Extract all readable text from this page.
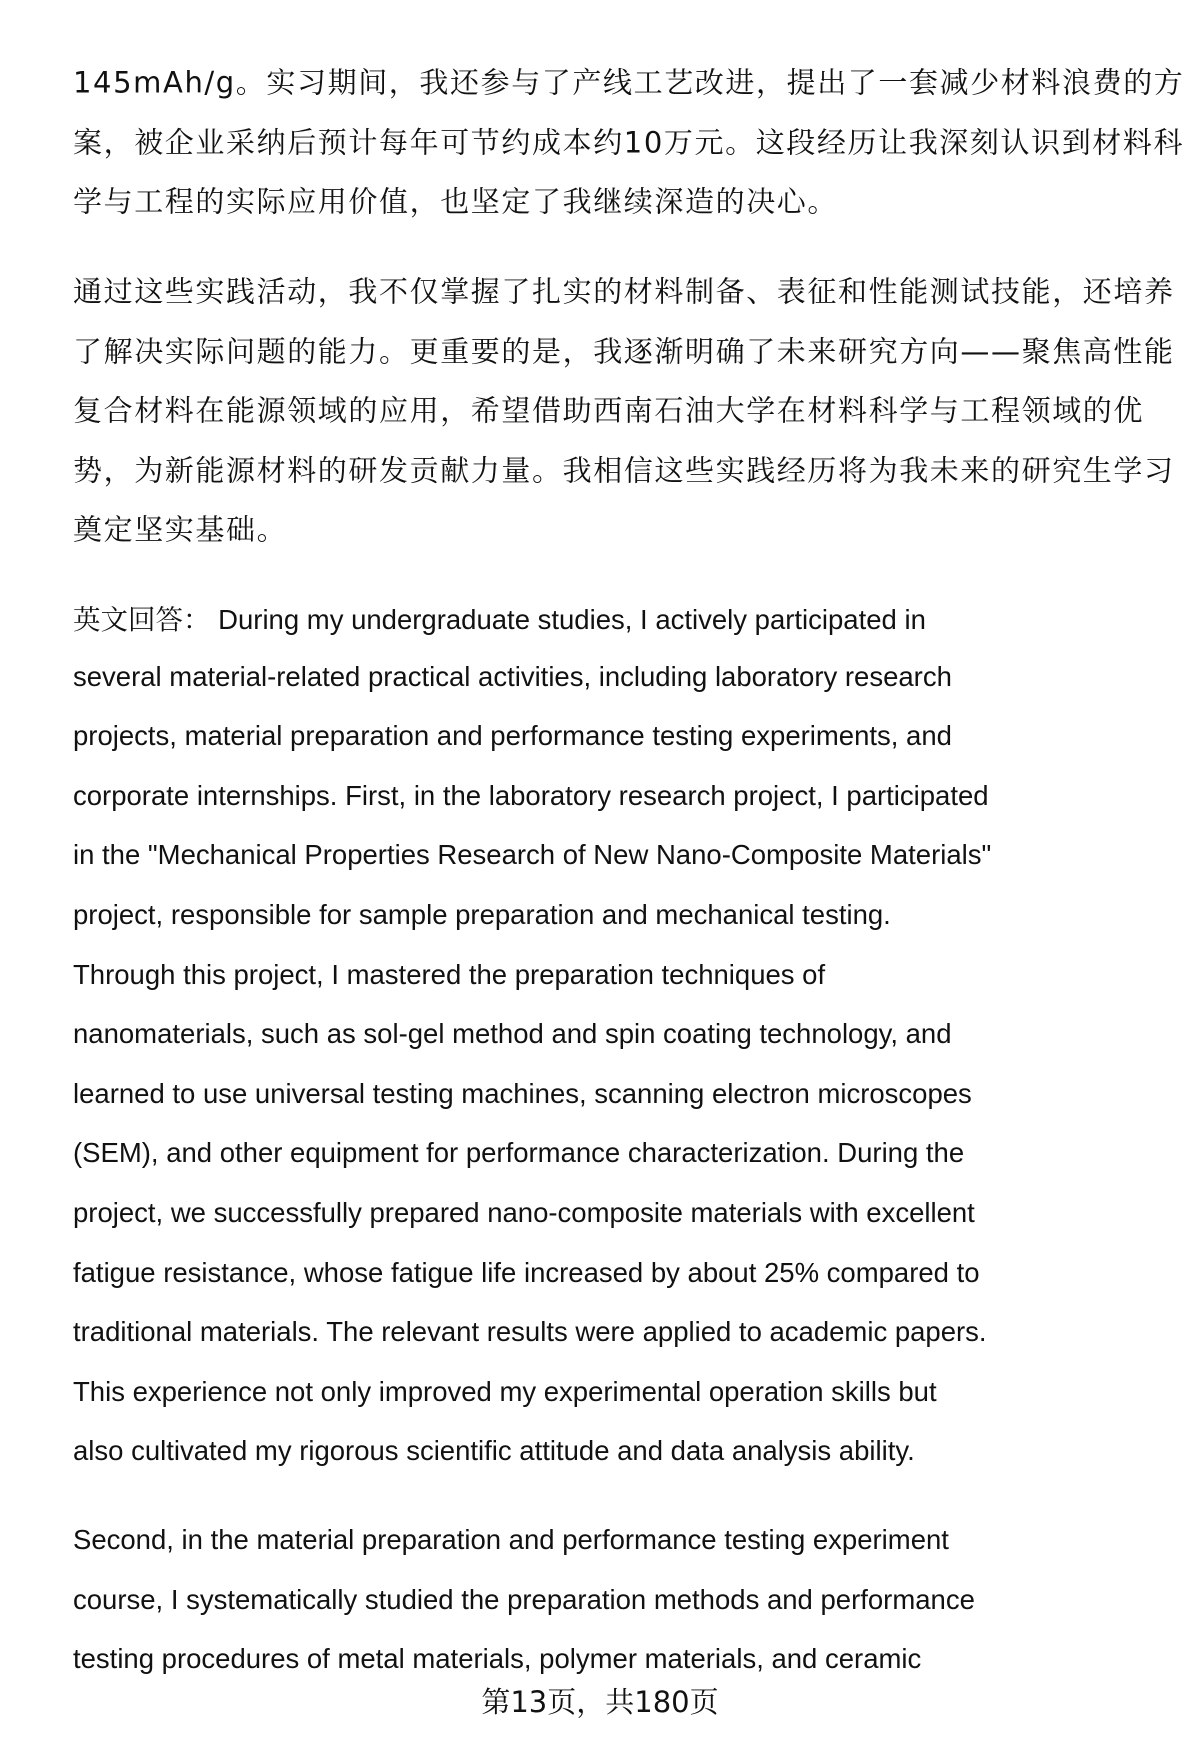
145mAh/g。实习期间，我还参与了产线工艺改进，提出了一套减少材料浪费的方
案，被企业采纳后预计每年可节约成本约10万元。这段经历让我深刻认识到材料科
学与工程的实际应用价值，也坚定了我继续深造的决心。
通过这些实践活动，我不仅掌握了扎实的材料制备、表征和性能测试技能，还培养
了解决实际问题的能力。更重要的是，我逐渐明确了未来研究方向——聚焦高性能
复合材料在能源领域的应用，希望借助西南石油大学在材料科学与工程领域的优
势，为新能源材料的研发贡献力量。我相信这些实践经历将为我未来的研究生学习
奠定坚实基础。
英文回答： During my undergraduate studies, I actively participated in
several material-related practical activities, including laboratory research
projects, material preparation and performance testing experiments, and
corporate internships. First, in the laboratory research project, I participated
in the "Mechanical Properties Research of New Nano-Composite Materials"
project, responsible for sample preparation and mechanical testing.
Through this project, I mastered the preparation techniques of
nanomaterials, such as sol-gel method and spin coating technology, and
learned to use universal testing machines, scanning electron microscopes
(SEM), and other equipment for performance characterization. During the
project, we successfully prepared nano-composite materials with excellent
fatigue resistance, whose fatigue life increased by about 25% compared to
traditional materials. The relevant results were applied to academic papers.
This experience not only improved my experimental operation skills but
also cultivated my rigorous scientific attitude and data analysis ability.
Second, in the material preparation and performance testing experiment
course, I systematically studied the preparation methods and performance
testing procedures of metal materials, polymer materials, and ceramic
第13页，共180页
